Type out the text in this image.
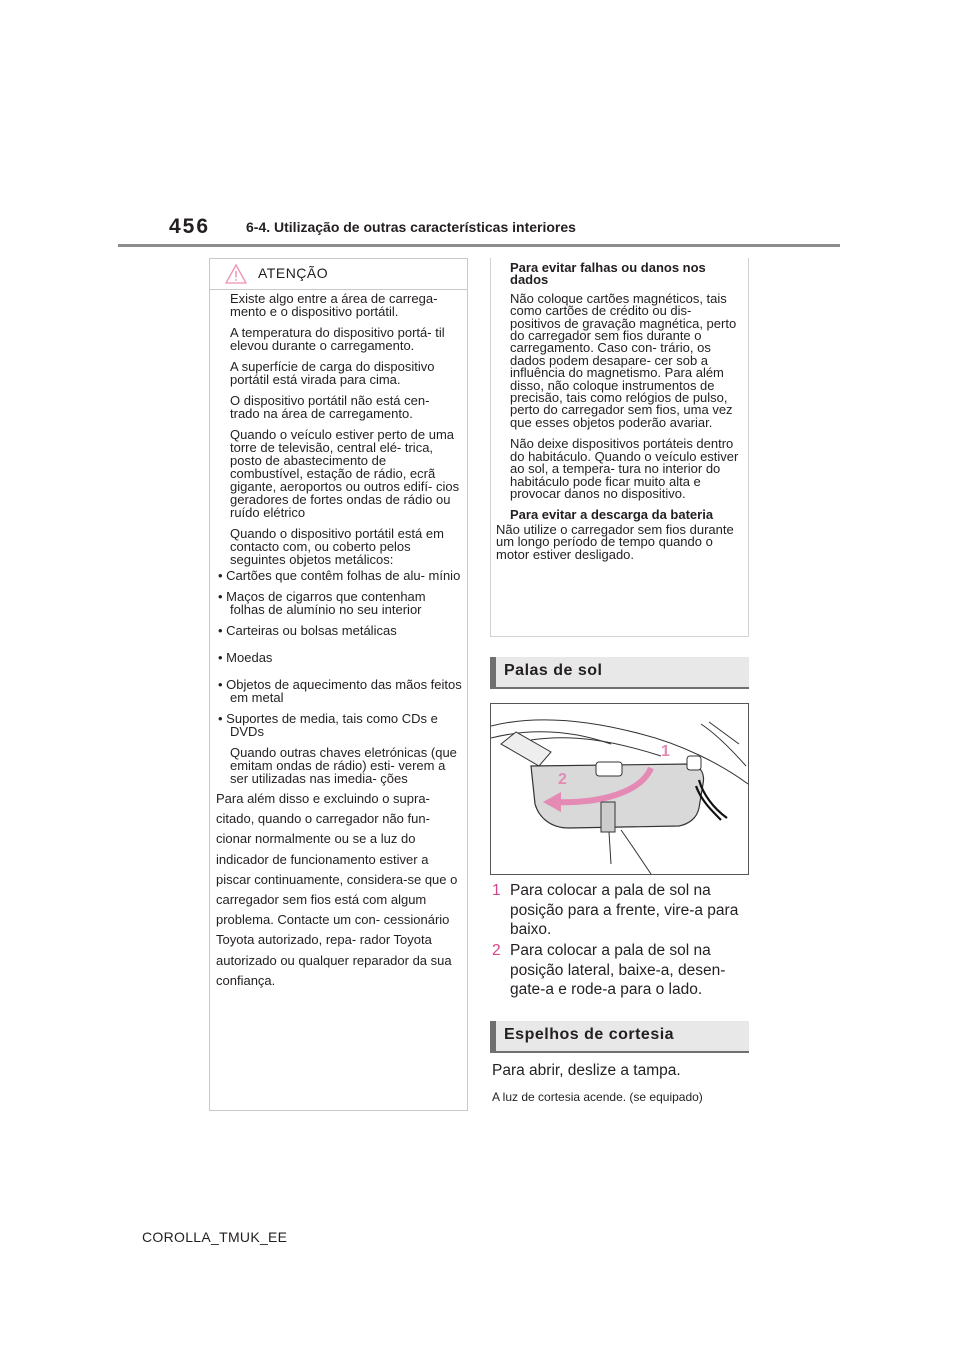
456	6-4. Utilização de outras características interiores
ATENÇÃO

Existe algo entre a área de carrega- mento e o dispositivo portátil.

A temperatura do dispositivo portá- til elevou durante o carregamento.

A superfície de carga do dispositivo portátil está virada para cima.

O dispositivo portátil não está cen- trado na área de carregamento.

Quando o veículo estiver perto de uma torre de televisão, central elé- trica, posto de abastecimento de combustível, estação de rádio, ecrã gigante, aeroportos ou outros edifí- cios geradores de fortes ondas de rádio ou ruído elétrico

Quando o dispositivo portátil está em contacto com, ou coberto pelos seguintes objetos metálicos:

• Cartões que contêm folhas de alu- mínio

• Maços de cigarros que contenham folhas de alumínio no seu interior

• Carteiras ou bolsas metálicas

• Moedas

• Objetos de aquecimento das mãos feitos em metal

• Suportes de media, tais como CDs e DVDs

Quando outras chaves eletrónicas (que emitam ondas de rádio) esti- verem a ser utilizadas nas imedia- ções

Para além disso e excluindo o supra- citado, quando o carregador não fun- cionar normalmente ou se a luz do indicador de funcionamento estiver a piscar continuamente, considera-se que o carregador sem fios está com algum problema. Contacte um con- cessionário Toyota autorizado, repa- rador Toyota autorizado ou qualquer reparador da sua confiança.

Para evitar falhas ou danos nos dados

Não coloque cartões magnéticos, tais como cartões de crédito ou dis- positivos de gravação magnética, perto do carregador sem fios durante o carregamento. Caso con- trário, os dados podem desapare- cer sob a influência do magnetismo. Para além disso, não coloque instrumentos de precisão, tais como relógios de pulso, perto do carregador sem fios, uma vez que esses objetos poderão avariar.

Não deixe dispositivos portáteis dentro do habitáculo. Quando o veículo estiver ao sol, a tempera- tura no interior do habitáculo pode ficar muito alta e provocar danos no dispositivo.

Para evitar a descarga da bateria

Não utilize o carregador sem fios durante um longo período de tempo quando o motor estiver desligado.

Palas de sol
1
2
1 Para colocar a pala de sol na posição para a frente, vire-a para baixo.
2 Para colocar a pala de sol na posição lateral, baixe-a, desen- gate-a e rode-a para o lado.
Espelhos de cortesia
Para abrir, deslize a tampa.
A luz de cortesia acende. (se equipado)
COROLLA_TMUK_EE
